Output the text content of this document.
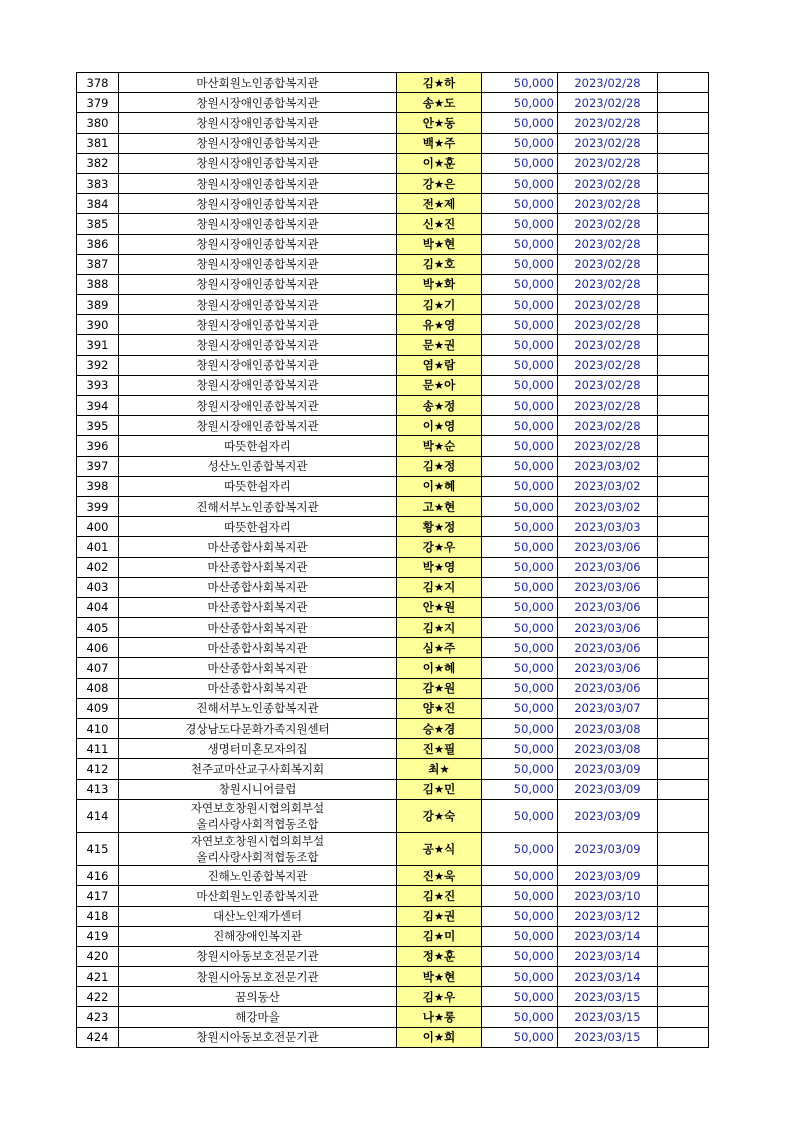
378	마산회원노인종합복지관	김★하	50,000	2023/02/28	
379	창원시장애인종합복지관	송★도	50,000	2023/02/28	
380	창원시장애인종합복지관	안★동	50,000	2023/02/28	
381	창원시장애인종합복지관	백★주	50,000	2023/02/28	
382	창원시장애인종합복지관	이★훈	50,000	2023/02/28	
383	창원시장애인종합복지관	강★은	50,000	2023/02/28	
384	창원시장애인종합복지관	전★제	50,000	2023/02/28	
385	창원시장애인종합복지관	신★진	50,000	2023/02/28	
386	창원시장애인종합복지관	박★현	50,000	2023/02/28	
387	창원시장애인종합복지관	김★호	50,000	2023/02/28	
388	창원시장애인종합복지관	박★화	50,000	2023/02/28	
389	창원시장애인종합복지관	김★기	50,000	2023/02/28	
390	창원시장애인종합복지관	유★영	50,000	2023/02/28	
391	창원시장애인종합복지관	문★권	50,000	2023/02/28	
392	창원시장애인종합복지관	염★람	50,000	2023/02/28	
393	창원시장애인종합복지관	문★아	50,000	2023/02/28	
394	창원시장애인종합복지관	송★정	50,000	2023/02/28	
395	창원시장애인종합복지관	이★영	50,000	2023/02/28	
396	따뜻한쉼자리	박★순	50,000	2023/02/28	
397	성산노인종합복지관	김★정	50,000	2023/03/02	
398	따뜻한쉼자리	이★혜	50,000	2023/03/02	
399	진해서부노인종합복지관	고★현	50,000	2023/03/02	
400	따뜻한쉼자리	황★정	50,000	2023/03/03	
401	마산종합사회복지관	강★우	50,000	2023/03/06	
402	마산종합사회복지관	박★영	50,000	2023/03/06	
403	마산종합사회복지관	김★지	50,000	2023/03/06	
404	마산종합사회복지관	안★원	50,000	2023/03/06	
405	마산종합사회복지관	김★지	50,000	2023/03/06	
406	마산종합사회복지관	심★주	50,000	2023/03/06	
407	마산종합사회복지관	이★혜	50,000	2023/03/06	
408	마산종합사회복지관	감★원	50,000	2023/03/06	
409	진해서부노인종합복지관	양★진	50,000	2023/03/07	
410	경상남도다문화가족지원센터	승★경	50,000	2023/03/08	
411	생명터미혼모자의집	진★필	50,000	2023/03/08	
412	천주교마산교구사회복지회	최★	50,000	2023/03/09	
413	창원시니어클럽	김★민	50,000	2023/03/09	
414	자연보호창원시협의회부설
올리사랑사회적협동조합	강★숙	50,000	2023/03/09	
415	자연보호창원시협의회부설
올리사랑사회적협동조합	공★식	50,000	2023/03/09	
416	진해노인종합복지관	진★욱	50,000	2023/03/09	
417	마산회원노인종합복지관	김★진	50,000	2023/03/10	
418	대산노인재가센터	김★권	50,000	2023/03/12	
419	진해장애인복지관	김★미	50,000	2023/03/14	
420	창원시아동보호전문기관	정★훈	50,000	2023/03/14	
421	창원시아동보호전문기관	박★현	50,000	2023/03/14	
422	꿈의동산	김★우	50,000	2023/03/15	
423	해강마을	나★롱	50,000	2023/03/15	
424	창원시아동보호전문기관	이★희	50,000	2023/03/15	
